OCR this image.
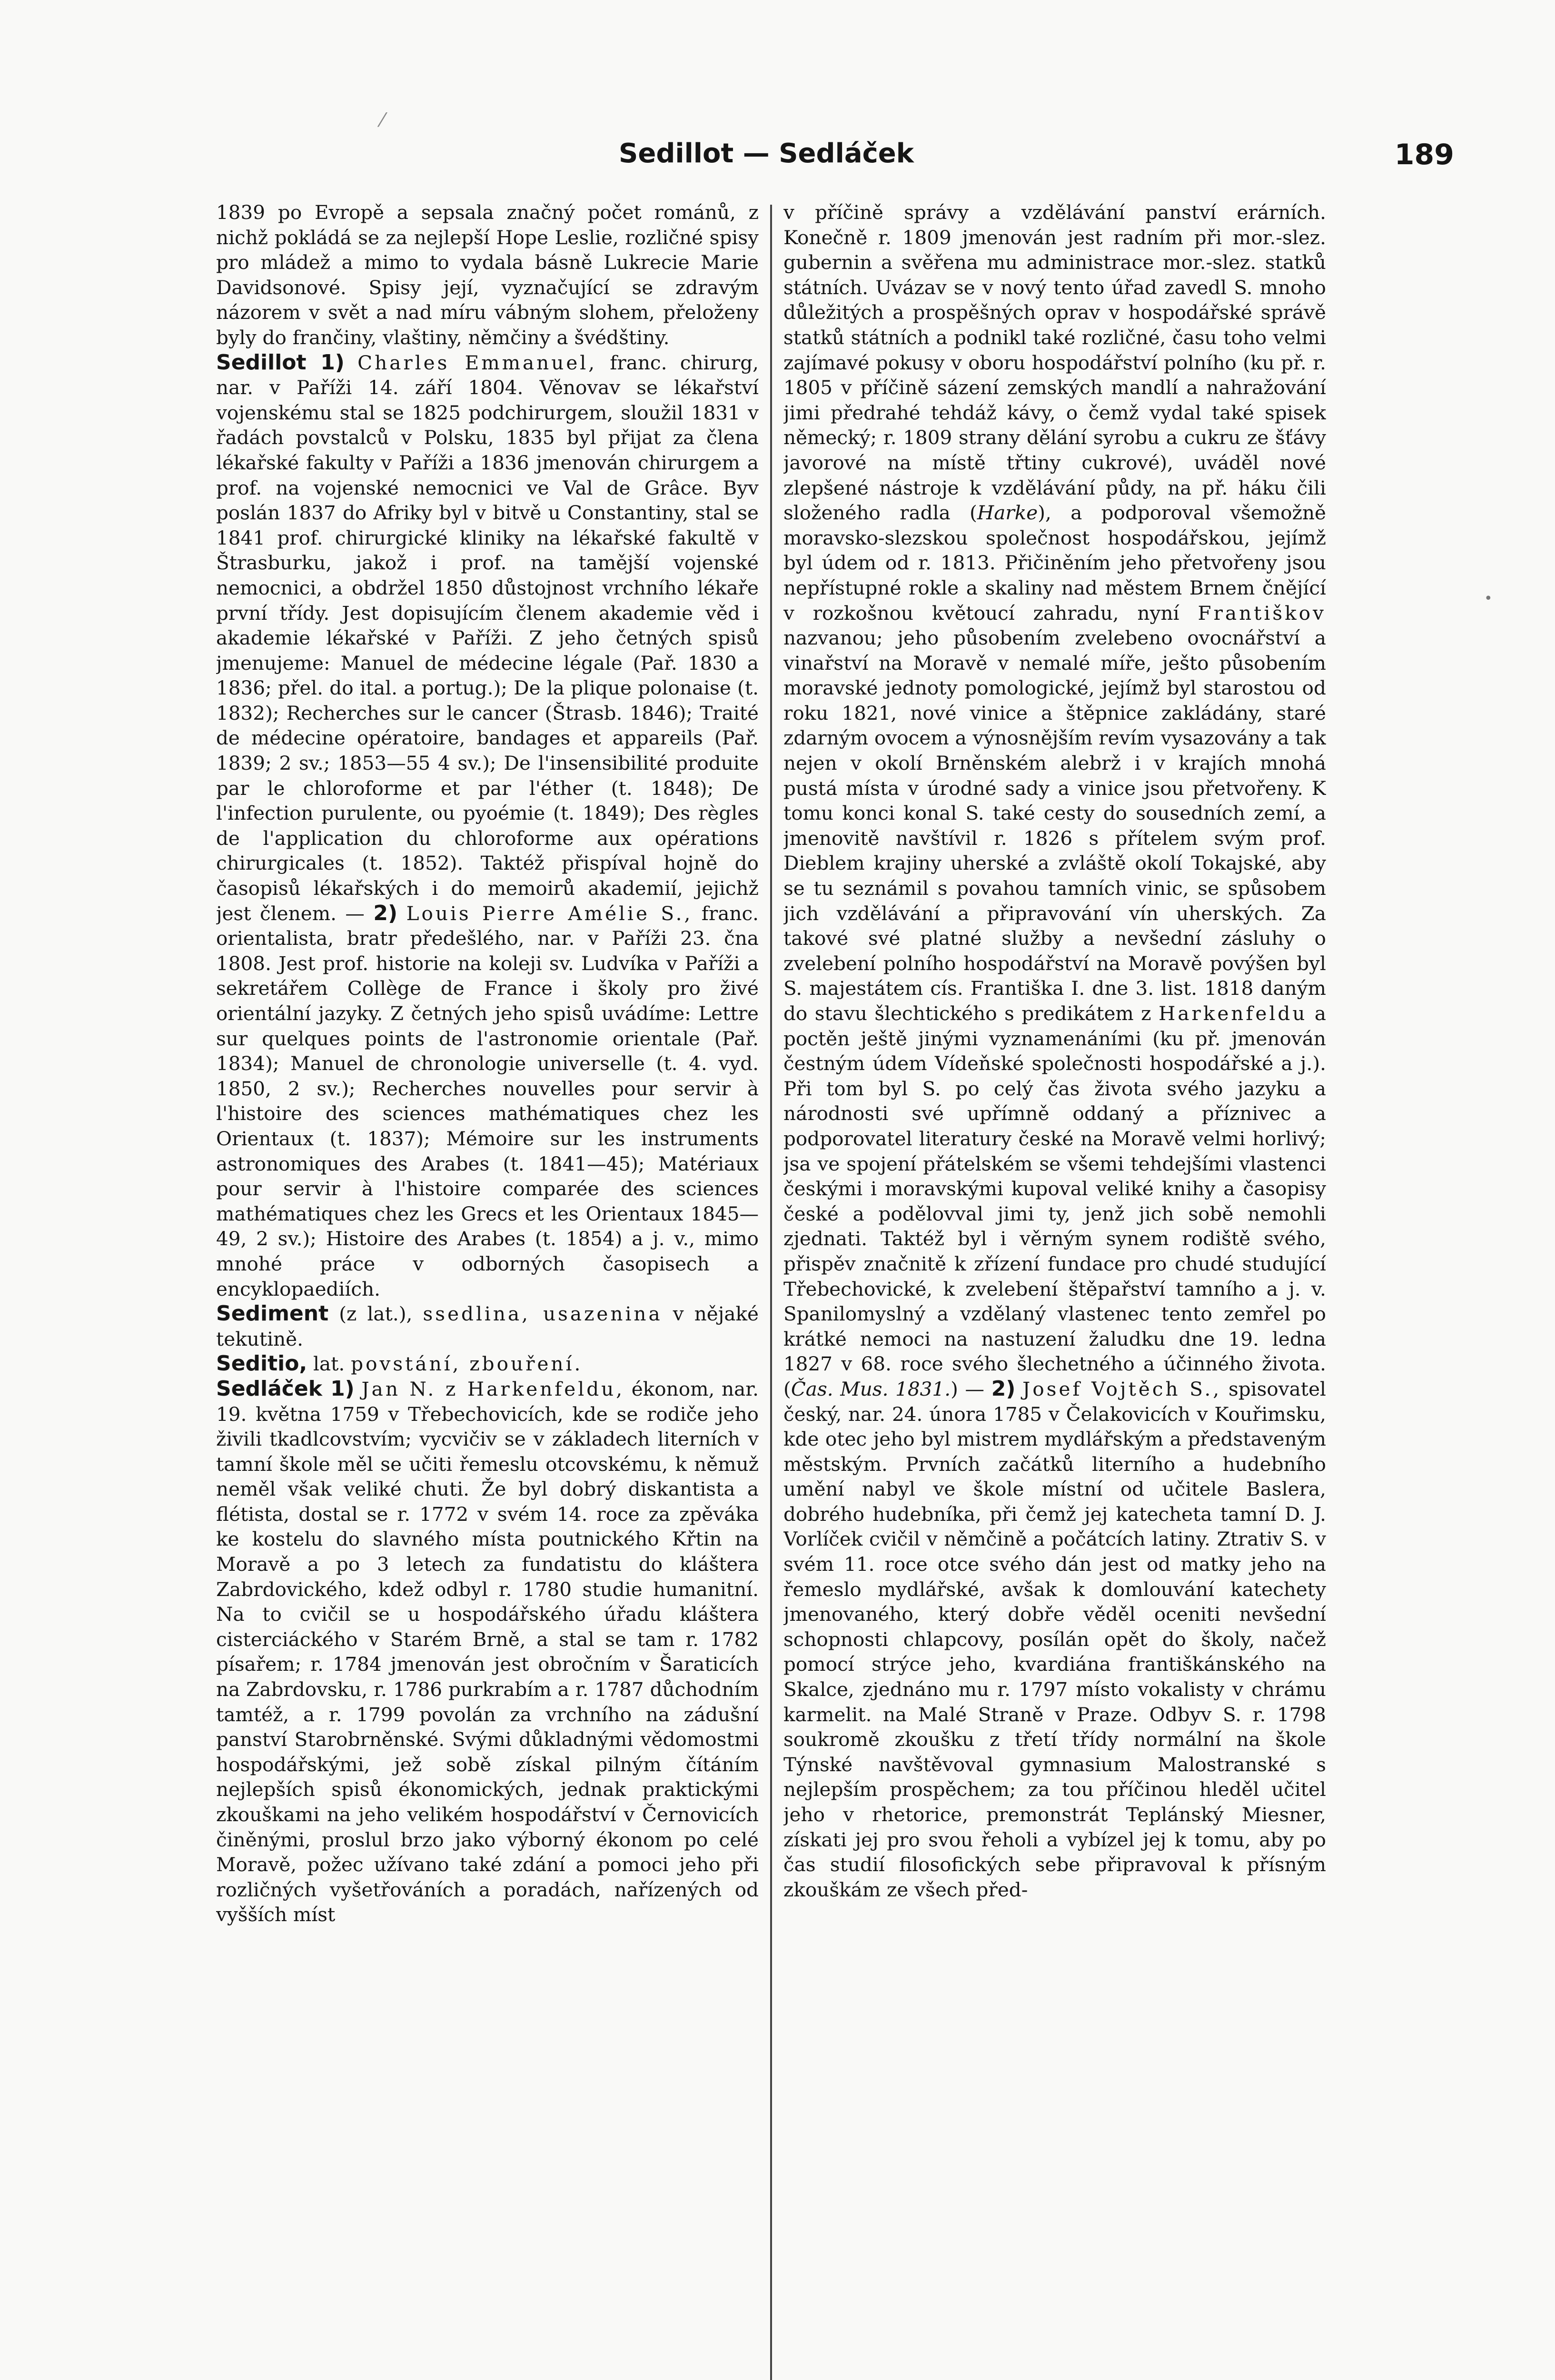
⁄
Sedillot — Sedláček	189

1839 po Evropě a sepsala značný počet románů, z nichž pokládá se za nejlepší Hope Leslie, rozličné spisy pro mládež a mimo to vydala básně Lukrecie Marie Davidsonové. Spisy její, vyznačující se zdravým názorem v svět a nad míru vábným slohem, přeloženy byly do frančiny, vlaštiny, němčiny a švédštiny.

Sedillot 1) Charles Emmanuel, franc. chirurg, nar. v Paříži 14. září 1804. Věnovav se lékařství vojenskému stal se 1825 podchirurgem, sloužil 1831 v řadách povstalců v Polsku, 1835 byl přijat za člena lékařské fakulty v Paříži a 1836 jmenován chirurgem a prof. na vojenské nemocnici ve Val de Grâce. Byv poslán 1837 do Afriky byl v bitvě u Constantiny, stal se 1841 prof. chirurgické kliniky na lékařské fakultě v Štrasburku, jakož i prof. na tamější vojenské nemocnici, a obdržel 1850 důstojnost vrchního lékaře první třídy. Jest dopisujícím členem akademie věd i akademie lékařské v Paříži. Z jeho četných spisů jmenujeme: Manuel de médecine légale (Pař. 1830 a 1836; přel. do ital. a portug.); De la plique polonaise (t. 1832); Recherches sur le cancer (Štrasb. 1846); Traité de médecine opératoire, bandages et appareils (Pař. 1839; 2 sv.; 1853—55 4 sv.); De l'insensibilité produite par le chloroforme et par l'éther (t. 1848); De l'infection purulente, ou pyoémie (t. 1849); Des règles de l'application du chloroforme aux opérations chirurgicales (t. 1852). Taktéž přispíval hojně do časopisů lékařských i do memoirů akademií, jejichž jest členem. — 2) Louis Pierre Amélie S., franc. orientalista, bratr předešlého, nar. v Paříži 23. čna 1808. Jest prof. historie na koleji sv. Ludvíka v Paříži a sekretářem Collège de France i školy pro živé orientální jazyky. Z četných jeho spisů uvádíme: Lettre sur quelques points de l'astronomie orientale (Pař. 1834); Manuel de chronologie universelle (t. 4. vyd. 1850, 2 sv.); Recherches nouvelles pour servir à l'histoire des sciences mathématiques chez les Orientaux (t. 1837); Mémoire sur les instruments astronomiques des Arabes (t. 1841—45); Matériaux pour servir à l'histoire comparée des sciences mathématiques chez les Grecs et les Orientaux 1845—49, 2 sv.); Histoire des Arabes (t. 1854) a j. v., mimo mnohé práce v odborných časopisech a encyklopaediích.

Sediment (z lat.), ssedlina, usazenina v nějaké tekutině.

Seditio, lat. povstání, zbouření.

Sedláček 1) Jan N. z Harkenfeldu, ékonom, nar. 19. května 1759 v Třebechovicích, kde se rodiče jeho živili tkadlcovstvím; vycvičiv se v základech literních v tamní škole měl se učiti řemeslu otcovskému, k němuž neměl však veliké chuti. Že byl dobrý diskantista a flétista, dostal se r. 1772 v svém 14. roce za zpěváka ke kostelu do slavného místa poutnického Křtin na Moravě a po 3 letech za fundatistu do kláštera Zabrdovického, kdež odbyl r. 1780 studie humanitní. Na to cvičil se u hospodářského úřadu kláštera cisterciáckého v Starém Brně, a stal se tam r. 1782 písařem; r. 1784 jmenován jest obročním v Šaraticích na Zabrdovsku, r. 1786 purkrabím a r. 1787 důchodním tamtéž, a r. 1799 povolán za vrchního na zádušní panství Starobrněnské. Svými důkladnými vědomostmi hospodářskými, jež sobě získal pilným čítáním nejlepších spisů ékonomických, jednak praktickými zkouškami na jeho velikém hospodářství v Černovicích činěnými, proslul brzo jako výborný ékonom po celé Moravě, požec užívano také zdání a pomoci jeho při rozličných vyšetřováních a poradách, nařízených od vyšších míst

v příčině správy a vzdělávání panství erárních. Konečně r. 1809 jmenován jest radním při mor.-slez. gubernin a svěřena mu administrace mor.-slez. statků státních. Uvázav se v nový tento úřad zavedl S. mnoho důležitých a prospěšných oprav v hospodářské správě statků státních a podnikl také rozličné, času toho velmi zajímavé pokusy v oboru hospodářství polního (ku př. r. 1805 v příčině sázení zemských mandlí a nahražování jimi předrahé tehdáž kávy, o čemž vydal také spisek německý; r. 1809 strany dělání syrobu a cukru ze šťávy javorové na místě třtiny cukrové), uváděl nové zlepšené nástroje k vzdělávání půdy, na př. háku čili složeného radla (Harke), a podporoval všemožně moravsko-slezskou společnost hospodářskou, jejímž byl údem od r. 1813. Přičiněním jeho přetvořeny jsou nepřístupné rokle a skaliny nad městem Brnem čnějící v rozkošnou květoucí zahradu, nyní Františkov nazvanou; jeho působením zvelebeno ovocnářství a vinařství na Moravě v nemalé míře, ješto působením moravské jednoty pomologické, jejímž byl starostou od roku 1821, nové vinice a štěpnice zakládány, staré zdarným ovocem a výnosnějším revím vysazovány a tak nejen v okolí Brněnském alebrž i v krajích mnohá pustá místa v úrodné sady a vinice jsou přetvořeny. K tomu konci konal S. také cesty do sousedních zemí, a jmenovitě navštívil r. 1826 s přítelem svým prof. Dieblem krajiny uherské a zvláště okolí Tokajské, aby se tu seznámil s povahou tamních vinic, se spůsobem jich vzdělávání a připravování vín uherských. Za takové své platné služby a nevšední zásluhy o zvelebení polního hospodářství na Moravě povýšen byl S. majestátem cís. Františka I. dne 3. list. 1818 daným do stavu šlechtického s predikátem z Harkenfeldu a poctěn ještě jinými vyznamenáními (ku př. jmenován čestným údem Vídeňské společnosti hospodářské a j.). Při tom byl S. po celý čas života svého jazyku a národnosti své upřímně oddaný a příznivec a podporovatel literatury české na Moravě velmi horlivý; jsa ve spojení přátelském se všemi tehdejšími vlastenci českými i moravskými kupoval veliké knihy a časopisy české a podělovval jimi ty, jenž jich sobě nemohli zjednati. Taktéž byl i věrným synem rodiště svého, přispěv značnitě k zřízení fundace pro chudé studující Třebechovické, k zvelebení štěpařství tamního a j. v. Spanilomyslný a vzdělaný vlastenec tento zemřel po krátké nemoci na nastuzení žaludku dne 19. ledna 1827 v 68. roce svého šlechetného a účinného života. (Čas. Mus. 1831.) — 2) Josef Vojtěch S., spisovatel český, nar. 24. února 1785 v Čelakovicích v Kouřimsku, kde otec jeho byl mistrem mydlářským a představeným městským. Prvních začátků literního a hudebního umění nabyl ve škole místní od učitele Baslera, dobrého hudebníka, při čemž jej katecheta tamní D. J. Vorlíček cvičil v němčině a počátcích latiny. Ztrativ S. v svém 11. roce otce svého dán jest od matky jeho na řemeslo mydlářské, avšak k domlouvání katechety jmenovaného, který dobře věděl oceniti nevšední schopnosti chlapcovy, posílán opět do školy, načež pomocí strýce jeho, kvardiána františkánského na Skalce, zjednáno mu r. 1797 místo vokalisty v chrámu karmelit. na Malé Straně v Praze. Odbyv S. r. 1798 soukromě zkoušku z třetí třídy normální na škole Týnské navštěvoval gymnasium Malostranské s nejlepším prospěchem; za tou příčinou hleděl učitel jeho v rhetorice, premonstrát Teplánský Miesner, získati jej pro svou řeholi a vybízel jej k tomu, aby po čas studií filosofických sebe připravoval k přísným zkouškám ze všech před-

•
